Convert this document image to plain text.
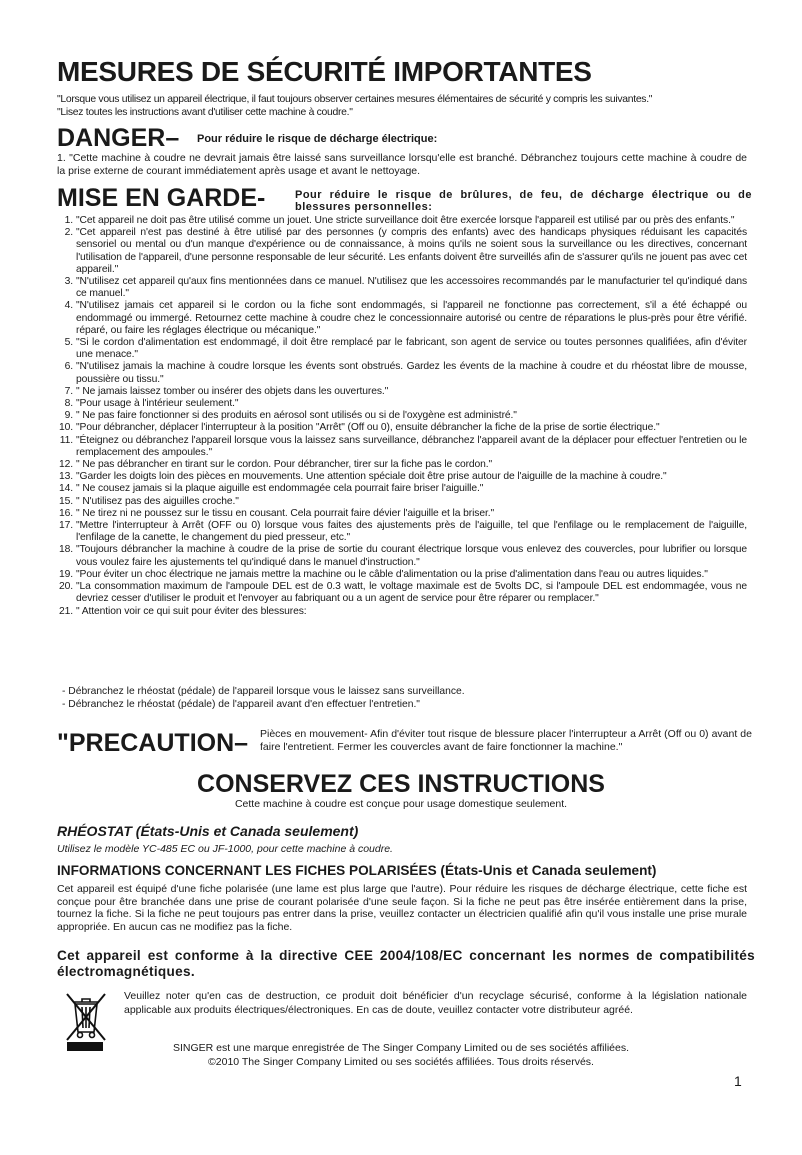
MESURES DE SÉCURITÉ IMPORTANTES
"Lorsque vous utilisez un appareil électrique, il faut toujours observer certaines mesures élémentaires de sécurité y compris les suivantes."
"Lisez toutes les instructions avant d'utiliser cette machine à coudre."
DANGER– Pour réduire le risque de décharge électrique:
1. "Cette machine à coudre ne devrait jamais être laissé sans surveillance lorsqu'elle est branché. Débranchez toujours cette machine à coudre de la prise externe de courant immédiatement après usage et avant le nettoyage.
MISE EN GARDE-	Pour réduire le risque de brûlures, de feu, de décharge électrique ou de blessures personnelles:
1. "Cet appareil ne doit pas être utilisé comme un jouet. Une stricte surveillance doit être exercée lorsque l'appareil est utilisé par ou près des enfants."
2. "Cet appareil n'est pas destiné à être utilisé par des personnes (y compris des enfants) avec des handicaps physiques réduisant les capacités sensoriel ou mental ou d'un manque d'expérience ou de connaissance, à moins qu'ils ne soient sous la surveillance ou les directives, concernant l'utilisation de l'appareil, d'une personne responsable de leur sécurité. Les enfants doivent être surveillés afin de s'assurer qu'ils ne jouent pas avec cet appareil."
3. "N'utilisez cet appareil qu'aux fins mentionnées dans ce manuel. N'utilisez que les accessoires recommandés par le manufacturier tel qu'indiqué dans ce manuel."
4. "N'utilisez jamais cet appareil si le cordon ou la fiche sont endommagés, si l'appareil ne fonctionne pas correctement, s'il a été échappé ou endommagé ou immergé. Retournez cette machine à coudre chez le concessionnaire autorisé ou centre de réparations le plus-près pour être vérifié. réparé, ou faire les réglages électrique ou mécanique."
5. "Si le cordon d'alimentation est endommagé, il doit être remplacé par le fabricant, son agent de service ou toutes personnes qualifiées, afin d'éviter une menace."
6. "N'utilisez jamais la machine à coudre lorsque les évents sont obstrués. Gardez les évents de la machine à coudre et du rhéostat libre de mousse, poussière ou tissu."
7. " Ne jamais laissez tomber ou insérer des objets dans les ouvertures."
8. "Pour usage à l'intérieur seulement."
9. " Ne pas faire fonctionner si des produits en aérosol sont utilisés ou si de l'oxygène est administré."
10. "Pour débrancher, déplacer l'interrupteur à la position "Arrêt" (Off ou 0), ensuite débrancher la fiche de la prise de sortie électrique."
11. "Éteignez ou débranchez l'appareil lorsque vous la laissez sans surveillance, débranchez l'appareil avant de la déplacer pour effectuer l'entretien ou le remplacement des ampoules."
12. " Ne pas débrancher en tirant sur le cordon. Pour débrancher, tirer sur la fiche pas le cordon."
13. "Garder les doigts loin des pièces en mouvements. Une attention spéciale doit être prise autour de l'aiguille de la machine à coudre."
14. " Ne cousez jamais si la plaque aiguille est endommagée cela pourrait faire briser l'aiguille."
15. " N'utilisez pas des aiguilles croche."
16. " Ne tirez ni ne poussez sur le tissu en cousant. Cela pourrait faire dévier l'aiguille et la briser."
17. "Mettre l'interrupteur à Arrêt (OFF ou 0) lorsque vous faites des ajustements près de l'aiguille, tel que l'enfilage ou le remplacement de l'aiguille, l'enfilage de la canette, le changement du pied presseur, etc."
18. "Toujours débrancher la machine à coudre de la prise de sortie du courant électrique lorsque vous enlevez des couvercles, pour lubrifier ou lorsque vous voulez faire les ajustements tel qu'indiqué dans le manuel d'instruction."
19. "Pour éviter un choc électrique ne jamais mettre la machine ou le câble d'alimentation ou la prise d'alimentation dans l'eau ou autres liquides."
20. "La consommation maximum de l'ampoule DEL est de 0.3 watt, le voltage maximale est de 5volts DC, si l'ampoule DEL est endommagée, vous ne devriez cesser d'utiliser le produit et l'envoyer au fabriquant ou a un agent de service pour être réparer ou remplacer."
21. " Attention voir ce qui suit pour éviter des blessures:
- Débranchez le rhéostat (pédale) de l'appareil lorsque vous le laissez sans surveillance.
- Débranchez le rhéostat (pédale) de l'appareil avant d'en effectuer l'entretien."
"PRECAUTION– Pièces en mouvement- Afin d'éviter tout risque de blessure placer l'interrupteur a Arrêt (Off ou 0) avant de faire l'entretient. Fermer les couvercles avant de faire fonctionner la machine."
CONSERVEZ CES INSTRUCTIONS
Cette machine à coudre est conçue pour usage domestique seulement.
RHÉOSTAT (États-Unis et Canada seulement)
Utilisez le modèle YC-485 EC ou JF-1000, pour cette machine à coudre.
INFORMATIONS CONCERNANT LES FICHES POLARISÉES (États-Unis et Canada seulement)
Cet appareil est équipé d'une fiche polarisée (une lame est plus large que l'autre). Pour réduire les risques de décharge électrique, cette fiche est conçue pour être branchée dans une prise de courant polarisée d'une seule façon. Si la fiche ne peut pas être insérée entièrement dans la prise, tournez la fiche. Si la fiche ne peut toujours pas entrer dans la prise, veuillez contacter un électricien qualifié afin qu'il vous installe une prise murale appropriée. En aucun cas ne modifiez pas la fiche.
Cet appareil est conforme à la directive CEE 2004/108/EC concernant les normes de compatibilités électromagnétiques.
Veuillez noter qu'en cas de destruction, ce produit doit bénéficier d'un recyclage sécurisé, conforme à la législation nationale applicable aux produits électriques/électroniques. En cas de doute, veuillez contacter votre distributeur agréé.
SINGER est une marque enregistrée de The Singer Company Limited ou de ses sociétés affiliées.
©2010 The Singer Company Limited ou ses sociétés affiliées. Tous droits réservés.
1
